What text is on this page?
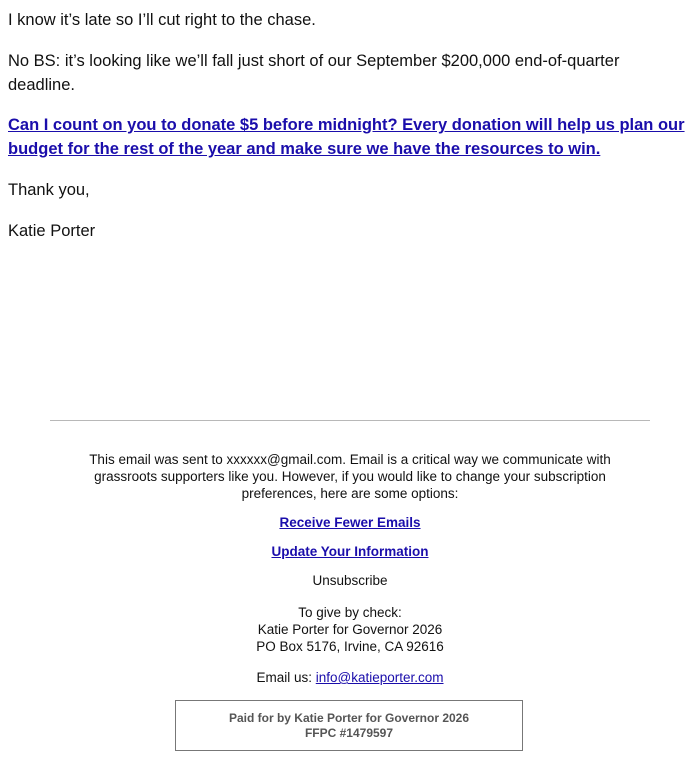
I know it’s late so I’ll cut right to the chase.

No BS: it’s looking like we’ll fall just short of our September $200,000 end-of-quarter deadline.

Can I count on you to donate $5 before midnight? Every donation will help us plan our budget for the rest of the year and make sure we have the resources to win.

Thank you,

Katie Porter

This email was sent to xxxxxx@gmail.com. Email is a critical way we communicate with grassroots supporters like you. However, if you would like to change your subscription preferences, here are some options:
Receive Fewer Emails
Update Your Information
Unsubscribe
To give by check:
Katie Porter for Governor 2026
PO Box 5176, Irvine, CA 92616
Email us: info@katieporter.com
Paid for by Katie Porter for Governor 2026
FFPC #1479597
